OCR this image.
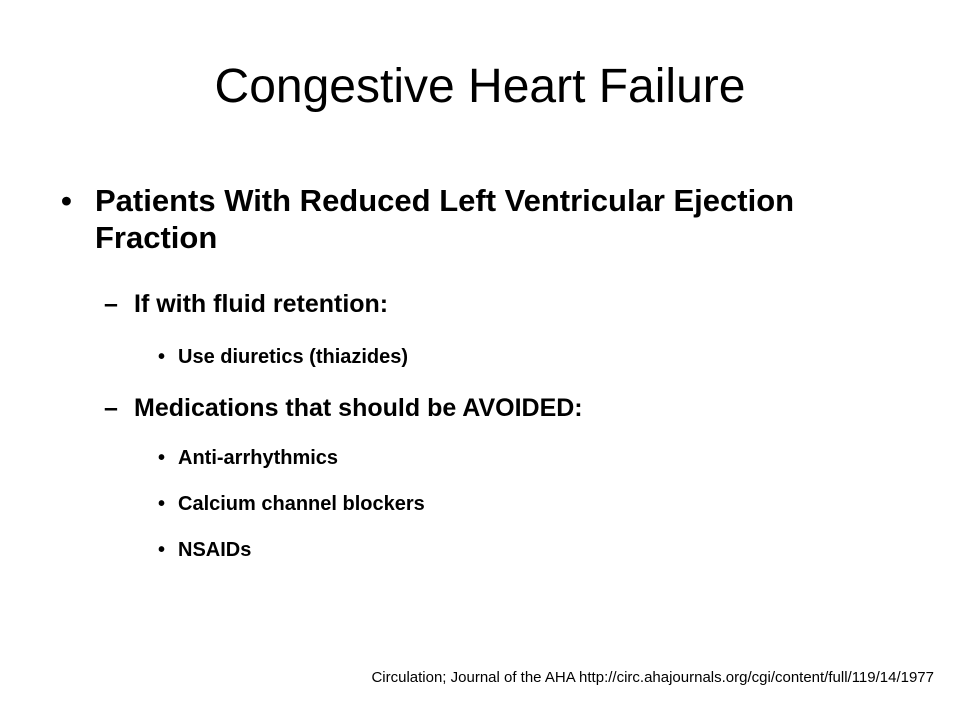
Congestive Heart Failure
• Patients With Reduced Left Ventricular Ejection Fraction
– If with fluid retention:
• Use diuretics (thiazides)
– Medications that should be AVOIDED:
• Anti-arrhythmics
• Calcium channel blockers
• NSAIDs
Circulation; Journal of the AHA http://circ.ahajournals.org/cgi/content/full/119/14/1977
